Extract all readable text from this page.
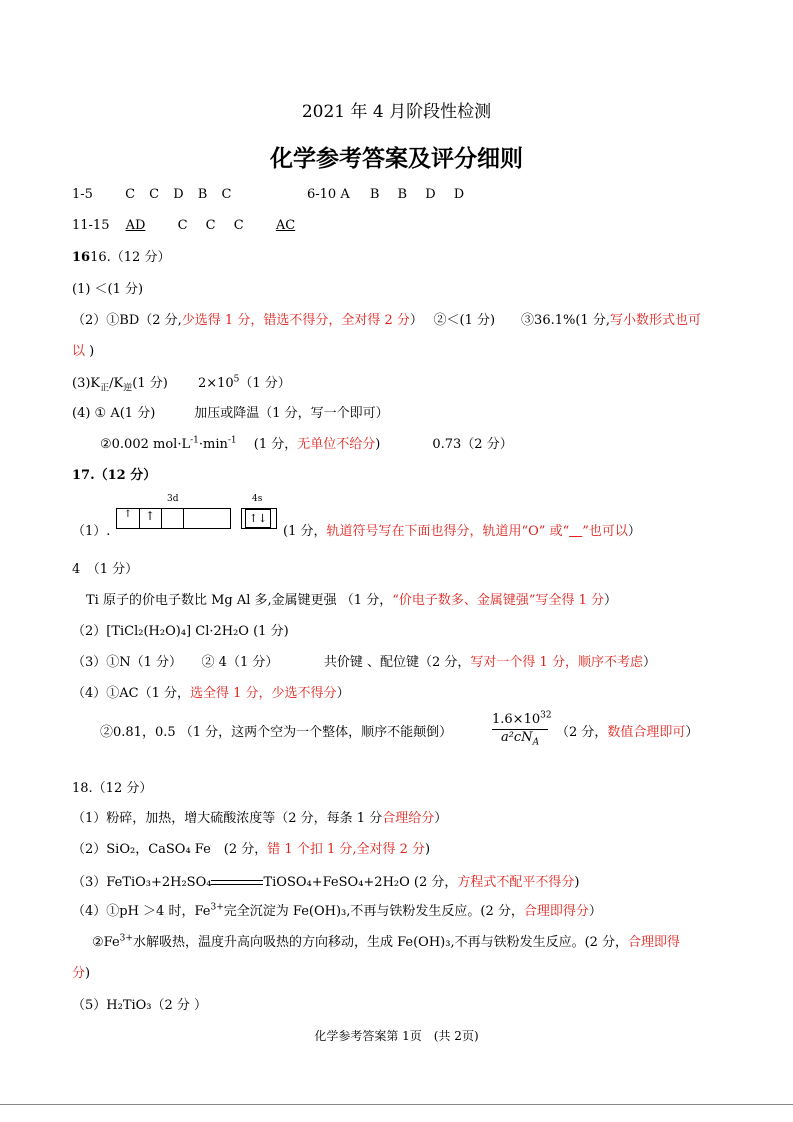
2021 年 4 月阶段性检测
化学参考答案及评分细则
1-5 C C D B C	6-10 A B B D D
11-15 AD C C C AC
1616.（12 分）
(1) ＜(1 分)
（2）①BD（2 分,少选得 1 分，错选不得分，全对得 2 分）　 ②＜(1 分)　　③36.1%(1 分,写小数形式也可
以 )
$(3)K_正/K_逆(1$ 分)　　 $2\times 10^5(1$ 分）
(4) ① A(1 分)　　　加压或降温（1 分，写一个即可）
②0.002 $mol\cdot L^{-1}\cdot\min^{-1}$　 (1 分，无单位不给分)　　　　0.73（2 分）
17.（12 分）
3d
↑	↑
4s
↑↓
（1）.	(1 分，轨道符号写在下面也得分，轨道用“O” 或“　 ”也可以）
4　（1 分）
Ti 原子的价电子数比 Mg Al 多,金属键更强 （1 分，“价电子数多、金属键强”写全得 1 分）
（2）[TiCl₂(H₂O)₄] Cl·2H₂O (1 分)
（3）①N（1 分）　　② 4（1 分）　　　　共价键 、配位键（2 分，写对一个得 1 分，顺序不考虑）
（4）①AC（1 分，选全得 1 分，少选不得分）
②0.81，0.5 （1 分，这两个空为一个整体，顺序不能颠倒）
$1.6\times 10^{32}$
$a^2cN_A$
（2 分，数值合理即可）
18.（12 分）
（1）粉碎，加热，增大硫酸浓度等（2 分，每条 1 分合理给分）
（2）SiO₂，CaSO₄ Fe　(2 分，错 1 个扣 1 分,全对得 2 分)
（3）FeTiO₃+2H₂SO₄	TiOSO₄+FeSO₄+2H₂O (2 分，方程式不配平不得分)
（4）①pH ＞4 时，$Fe^{3+}$完全沉淀为 Fe(OH)₃,不再与铁粉发生反应。(2 分，合理即得分）
$②Fe^{3+}$水解吸热，温度升高向吸热的方向移动，生成 Fe(OH)₃,不再与铁粉发生反应。(2 分，合理即得
分)
（5）H₂TiO₃（2 分 ）
化学参考答案第 1页　(共 2页)
